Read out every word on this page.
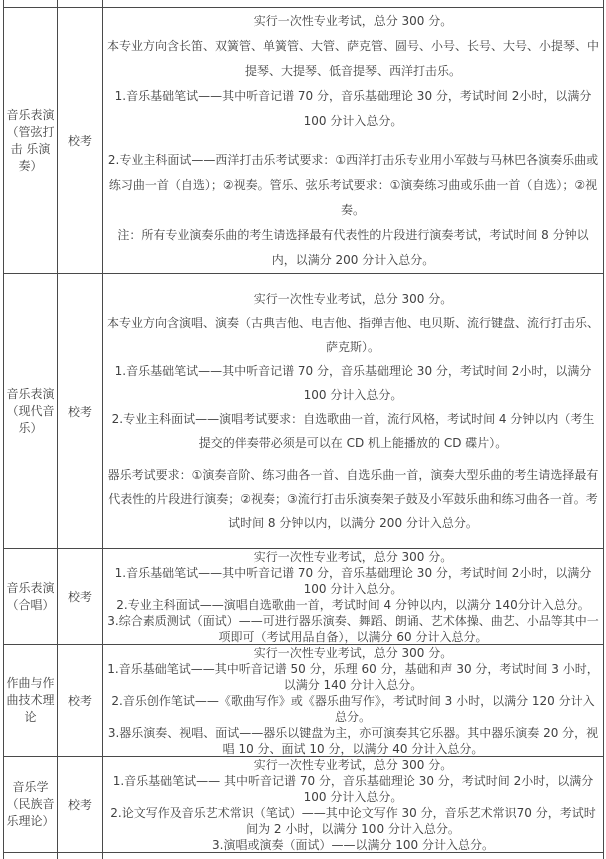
音乐表演（管弦打击 乐演奏）
校考

实行一次性专业考试，总分 300 分。

本专业方向含长笛、双簧管、单簧管、大管、萨克管、圆号、小号、长号、大号、小提琴、中提琴、大提琴、低音提琴、西洋打击乐。

1.音乐基础笔试——其中听音记谱 70 分，音乐基础理论 30 分，考试时间 2小时，以满分 100 分计入总分。

2.专业主科面试——西洋打击乐考试要求：①西洋打击乐专业用小军鼓与马林巴各演奏乐曲或练习曲一首（自选）；②视奏。管乐、弦乐考试要求：①演奏练习曲或乐曲一首（自选）；②视奏。

注：所有专业演奏乐曲的考生请选择最有代表性的片段进行演奏考试，考试时间 8 分钟以内，以满分 200 分计入总分。

音乐表演（现代音乐）
校考

实行一次性专业考试，总分 300 分。

本专业方向含演唱、演奏（古典吉他、电吉他、指弹吉他、电贝斯、流行键盘、流行打击乐、萨克斯）。

1.音乐基础笔试——其中听音记谱 70 分，音乐基础理论 30 分，考试时间 2小时，以满分 100 分计入总分。

2.专业主科面试——演唱考试要求：自选歌曲一首，流行风格，考试时间 4 分钟以内（考生提交的伴奏带必须是可以在 CD 机上能播放的 CD 碟片）。

器乐考试要求：①演奏音阶、练习曲各一首、自选乐曲一首，演奏大型乐曲的考生请选择最有代表性的片段进行演奏；②视奏；③流行打击乐演奏架子鼓及小军鼓乐曲和练习曲各一首。考试时间 8 分钟以内，以满分 200 分计入总分。

音乐表演（合唱）
校考

实行一次性专业考试，总分 300 分。

1.音乐基础笔试——其中听音记谱 70 分，音乐基础理论 30 分，考试时间 2小时，以满分 100 分计入总分。

2.专业主科面试——演唱自选歌曲一首，考试时间 4 分钟以内，以满分 140分计入总分。

3.综合素质测试（面试）——可进行器乐演奏、舞蹈、朗诵、艺术体操、曲艺、小品等其中一项即可（考试用品自备），以满分 60 分计入总分。

作曲与作曲技术理论
校考

实行一次性专业考试，总分 300 分。

1.音乐基础笔试——其中听音记谱 50 分，乐理 60 分，基础和声 30 分，考试时间 3 小时，以满分 140 分计入总分。

2.音乐创作笔试——《歌曲写作》或《器乐曲写作》，考试时间 3 小时，以满分 120 分计入总分。

3.器乐演奏、视唱、面试——器乐以键盘为主，亦可演奏其它乐器。其中器乐演奏 20 分，视唱 10 分、面试 10 分，以满分 40 分计入总分。

音乐学（民族音乐理论）
校考

实行一次性专业考试，总分 300 分。

1.音乐基础笔试—— 其中听音记谱 70 分，音乐基础理论 30 分，考试时间 2小时，以满分 100 分计入总分。

2.论文写作及音乐艺术常识（笔试）——其中论文写作 30 分，音乐艺术常识70 分，考试时间为 2 小时，以满分 100 分计入总分。

3.演唱或演奏（面试）——以满分 100 分计入总分。
